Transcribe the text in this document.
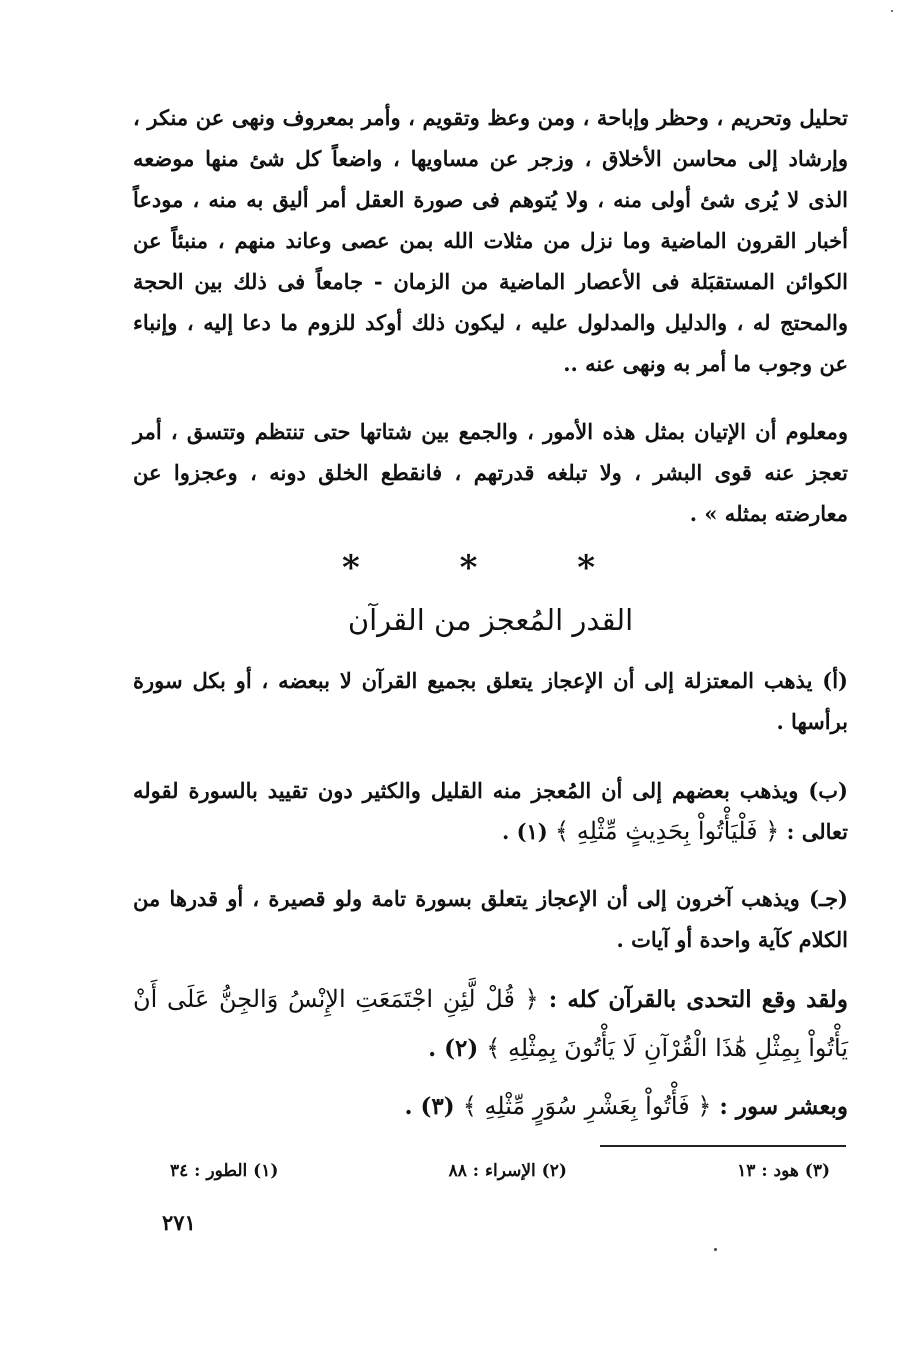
تحليل وتحريم ، وحظر وإباحة ، ومن وعظ وتقويم ، وأمر بمعروف ونهى عن منكر ، وإرشاد إلى محاسن الأخلاق ، وزجر عن مساويها ، واضعاً كل شئ منها موضعه الذى لا يُرى شئ أولى منه ، ولا يُتوهم فى صورة العقل أمر أليق به منه ، مودعاً أخبار القرون الماضية وما نزل من مثلات الله بمن عصى وعاند منهم ، منبئاً عن الكوائن المستقبَلة فى الأعصار الماضية من الزمان - جامعاً فى ذلك بين الحجة والمحتج له ، والدليل والمدلول عليه ، ليكون ذلك أوكد للزوم ما دعا إليه ، وإنباء عن وجوب ما أمر به ونهى عنه ..

ومعلوم أن الإتيان بمثل هذه الأمور ، والجمع بين شتاتها حتى تنتظم وتتسق ، أمر تعجز عنه قوى البشر ، ولا تبلغه قدرتهم ، فانقطع الخلق دونه ، وعجزوا عن معارضته بمثله » .

* * *
القدر المُعجز من القرآن

(أ) يذهب المعتزلة إلى أن الإعجاز يتعلق بجميع القرآن لا ببعضه ، أو بكل سورة برأسها .

(ب) ويذهب بعضهم إلى أن المُعجز منه القليل والكثير دون تقييد بالسورة لقوله تعالى : ﴿ فَلْيَأْتُواْ بِحَدِيثٍ مِّثْلِهِ ﴾ (١) .

(جـ) ويذهب آخرون إلى أن الإعجاز يتعلق بسورة تامة ولو قصيرة ، أو قدرها من الكلام كآية واحدة أو آيات .

ولقد وقع التحدى بالقرآن كله : ﴿ قُلْ لَّئِنِ اجْتَمَعَتِ الإِنْسُ وَالجِنُّ عَلَى أَنْ يَأْتُواْ بِمِثْلِ هَٰذَا الْقُرْآنِ لَا يَأْتُونَ بِمِثْلِهِ ﴾ (٢) .

وبعشر سور : ﴿ فَأْتُواْ بِعَشْرِ سُوَرٍ مِّثْلِهِ ﴾ (٣) .

(١) الطور : ٣٤	(٢) الإسراء : ٨٨	(٣) هود : ١٣
٢٧١
